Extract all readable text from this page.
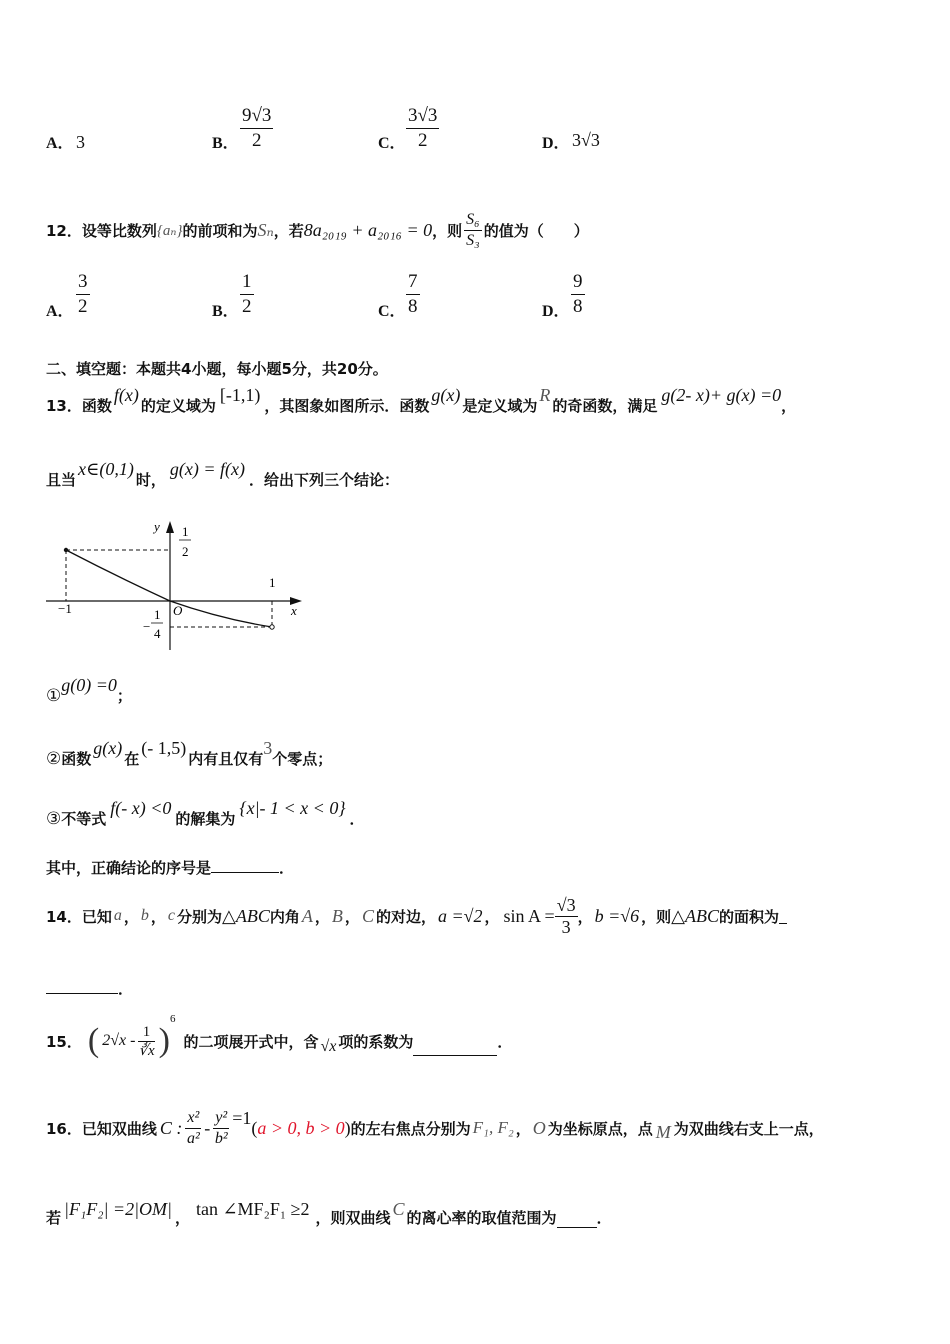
A． 3	B． $\frac{9√3}{2}$	C． $\frac{3√3}{2}$	D． 3√3
12． 设等比数列 {aₙ} 的前项和为 Sₙ ，若 8a₂₀₁₉ + a₂₀₁₆ = 0 ，则 $\frac{\text{S₆}}{\text{S₃}}$ 的值为（　　）
A． $\frac{3}{2}$	B． $\frac{1}{2}$	C． $\frac{7}{8}$	D． $\frac{9}{8}$
二、填空题：本题共4小题，每小题5分，共20分。
13． 函数
f(x)
的定义域为
[-1,1)
，其图象如图所示．函数
g(x)
是定义域为
R
的奇函数，满足
g(2- x)+ g(x) =0
，
且当
x∈(0,1)
时，
g(x) = f(x)
．给出下列三个结论：
y
x
O
1
2
−
1
4
−1
1
①
g(0) =0
；
② 函数
g(x)
在
(- 1,5)
内有且仅有
3
个零点；
③ 不等式
f(- x) <0
的解集为
{x|- 1 < x < 0}
．
其中，正确结论的序号是	．
14． 已知 a ， b ， c 分别为 △ABC 内角 A ， B ， C 的对边， a =√2 ， $\sin A = \frac{√3}{3}$ ， b =√6 ，则 △ABC 的面积为
．
15． ( $2√x - \frac{1}{∛x}$ )
6
的二项展开式中，含 √x 项的系数为	．
16． 已知双曲线 C : $\frac{\text{x²}}{\text{a²}} - \frac{\text{y²}}{\text{b²}} =1$ ( a > 0, b > 0 ) 的左右焦点分别为 F₁, F₂ ， O 为坐标原点，点 M 为双曲线右支上一点，
若 |F₁F₂| =2|OM| ， tan ∠MF₂F₁ ≥2 ，则双曲线 C 的离心率的取值范围为	．
